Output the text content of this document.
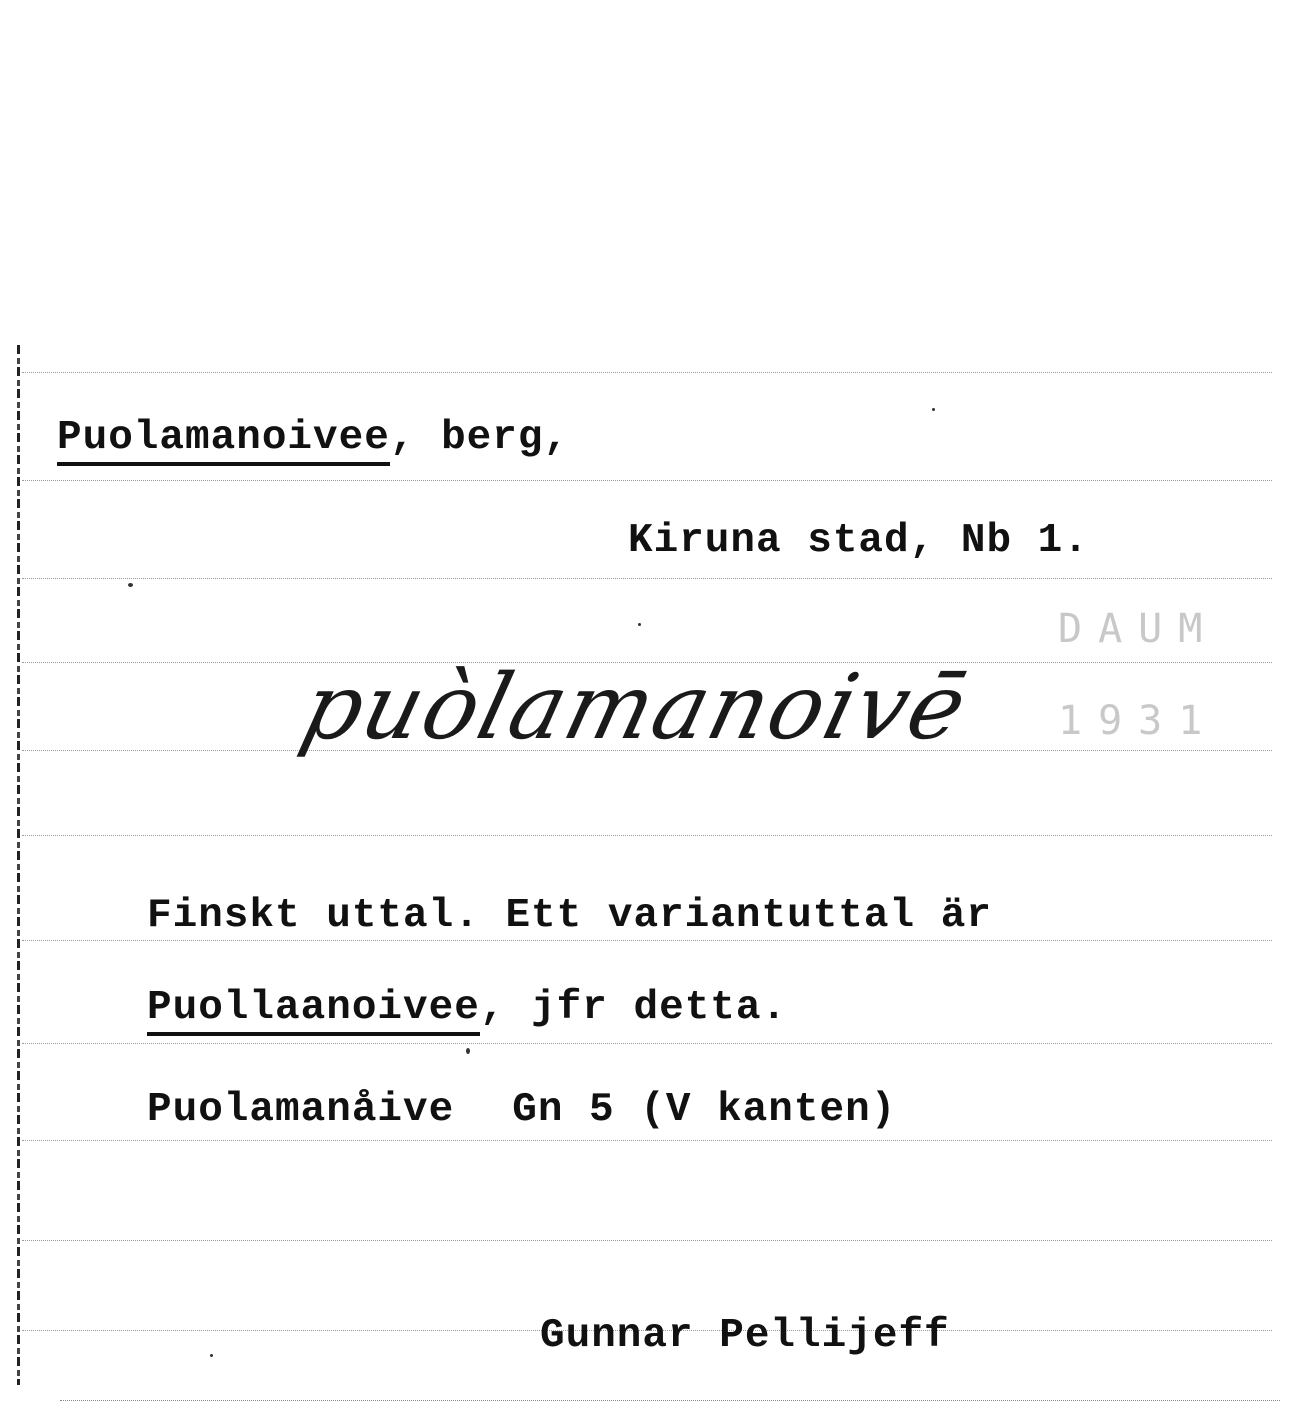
Puolamanoivee, berg,
Kiruna stad, Nb 1.
DAUM
1931
puòlamanoivē
Finskt uttal. Ett variantuttal är
Puollaanoivee, jfr detta.
Puolamanåive Gn 5 (V kanten)
Gunnar Pellijeff
